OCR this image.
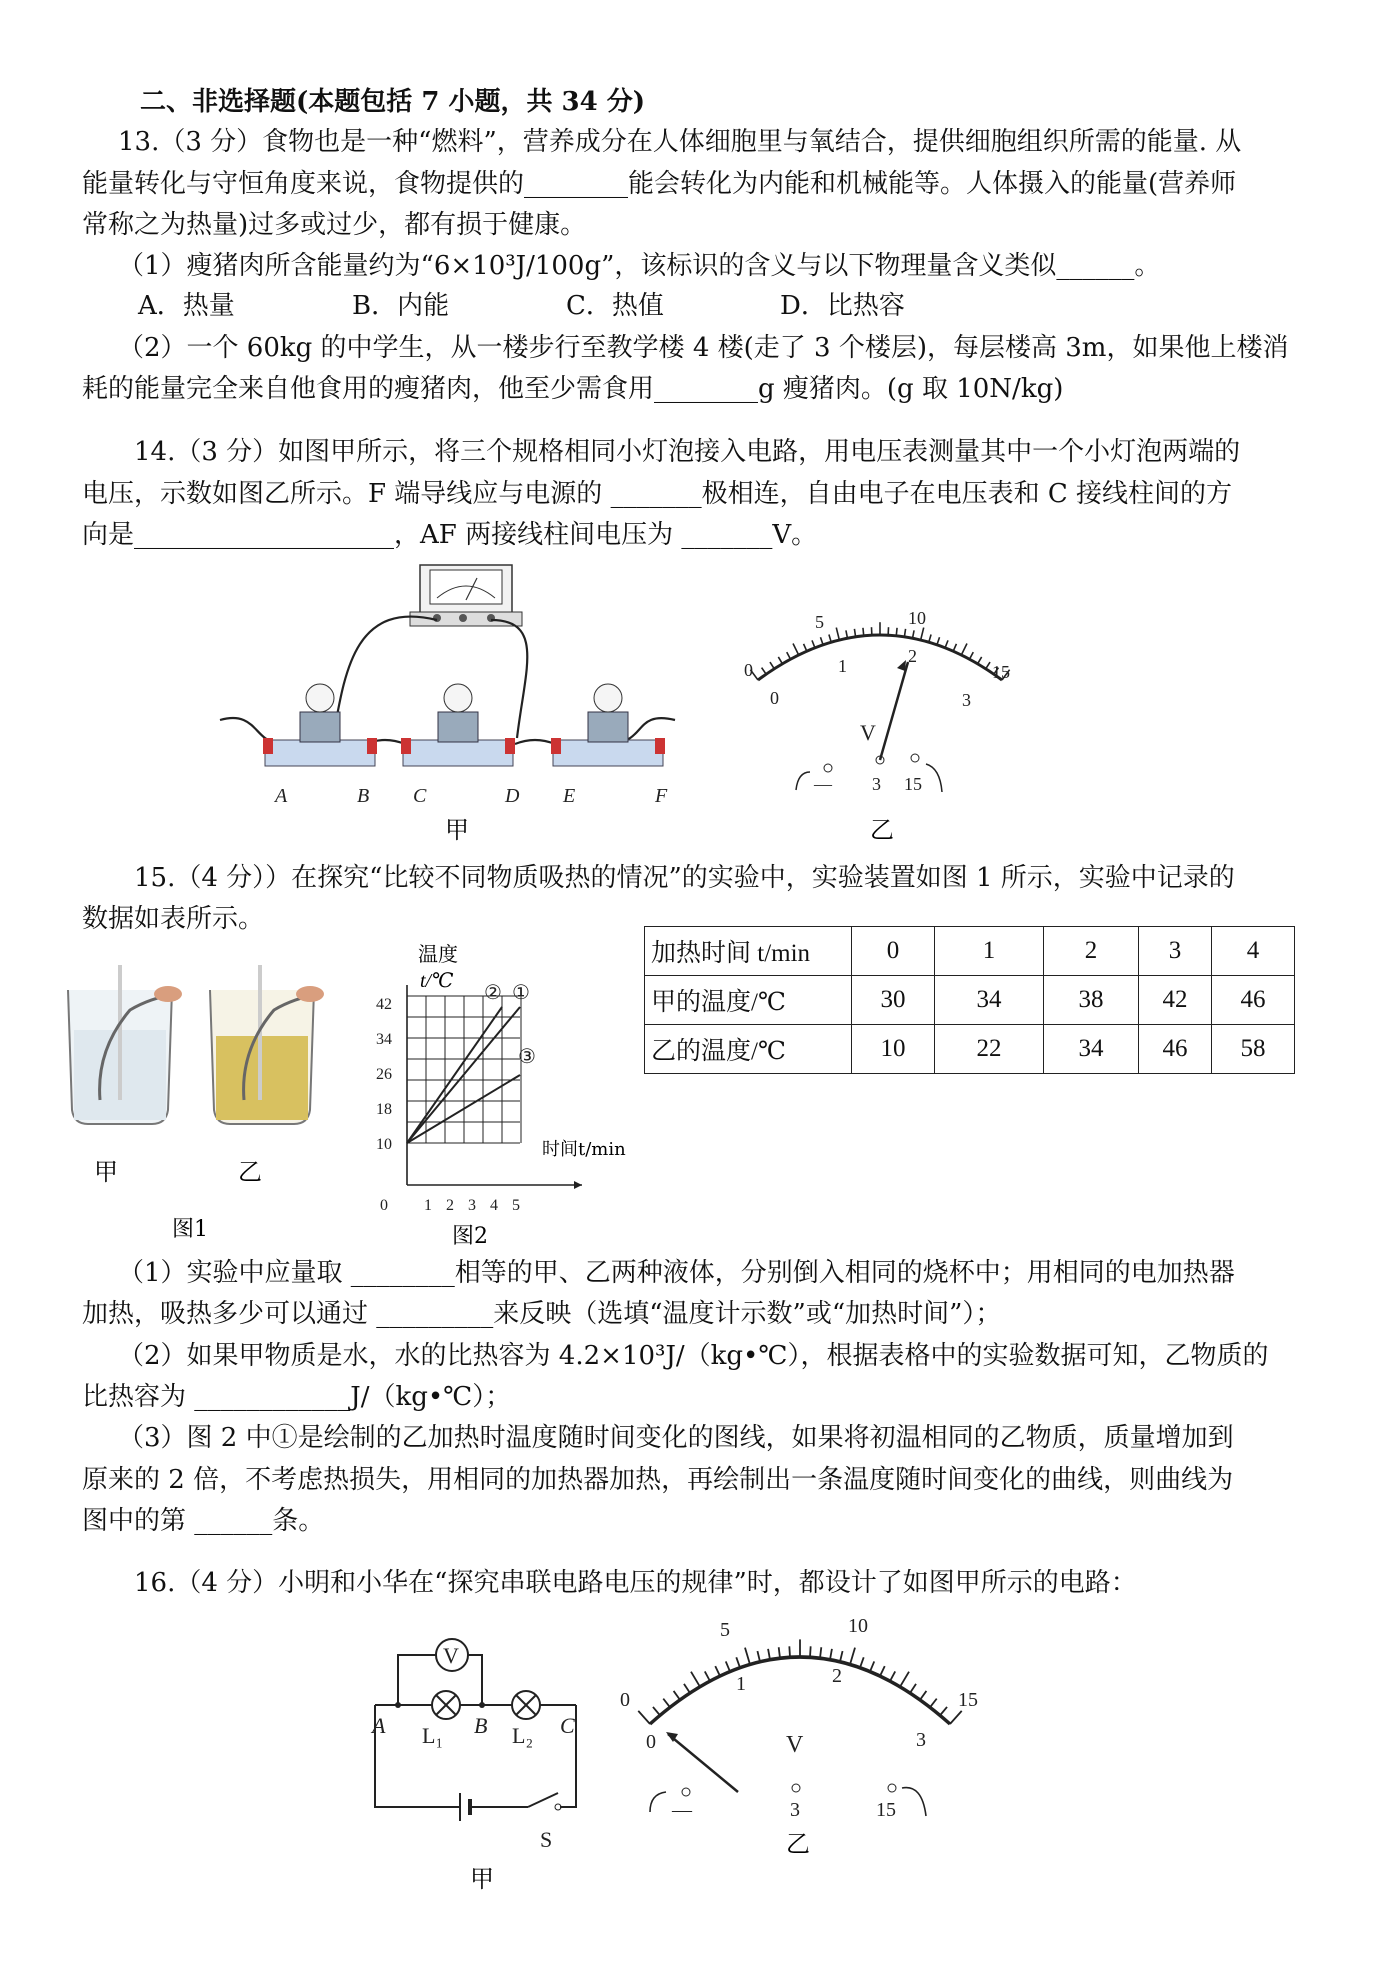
二、非选择题(本题包括 7 小题，共 34 分)
13.（3 分）食物也是一种“燃料”，营养成分在人体细胞里与氧结合，提供细胞组织所需的能量. 从
能量转化与守恒角度来说，食物提供的________能会转化为内能和机械能等。人体摄入的能量(营养师
常称之为热量)过多或过少，都有损于健康。
（1）瘦猪肉所含能量约为“6×10³J/100g”，该标识的含义与以下物理量含义类似______。
A．热量	B．内能	C．热值	D．比热容
（2）一个 60kg 的中学生，从一楼步行至教学楼 4 楼(走了 3 个楼层)，每层楼高 3m，如果他上楼消
耗的能量完全来自他食用的瘦猪肉，他至少需食用________g 瘦猪肉。(g 取 10N/kg)
14.（3 分）如图甲所示，将三个规格相同小灯泡接入电路，用电压表测量其中一个小灯泡两端的
电压，示数如图乙所示。F 端导线应与电源的 _______极相连，自由电子在电压表和 C 接线柱间的方
向是____________________，AF 两接线柱间电压为 _______V。
A	B C	D E	F
甲
0
5	10
15
0
1	2
3
V
— 3 15
乙
15.（4 分））在探究“比较不同物质吸热的情况”的实验中，实验装置如图 1 所示，实验中记录的
数据如表所示。
甲	乙
图1
温度
t/℃
10
18
26
34
42
0 1 2 3 4 5
② ①
③
时间t/min
图2
加热时间 t/min	0	1	2	3	4
甲的温度/℃	30	34	38	42	46
乙的温度/℃	10	22	34	46	58
（1）实验中应量取 ________相等的甲、乙两种液体，分别倒入相同的烧杯中；用相同的电加热器
加热，吸热多少可以通过 _________来反映（选填“温度计示数”或“加热时间”）；
（2）如果甲物质是水，水的比热容为 4.2×10³J/（kg•℃），根据表格中的实验数据可知，乙物质的
比热容为 ____________J/（kg•℃）；
（3）图 2 中①是绘制的乙加热时温度随时间变化的图线，如果将初温相同的乙物质，质量增加到
原来的 2 倍，不考虑热损失，用相同的加热器加热，再绘制出一条温度随时间变化的曲线，则曲线为
图中的第 ______条。
16.（4 分）小明和小华在“探究串联电路电压的规律”时，都设计了如图甲所示的电路：
V
A	B	C
L₁	L₂
S
甲
0
5	10
15
0
1	2
3
V
—	3	15
乙
